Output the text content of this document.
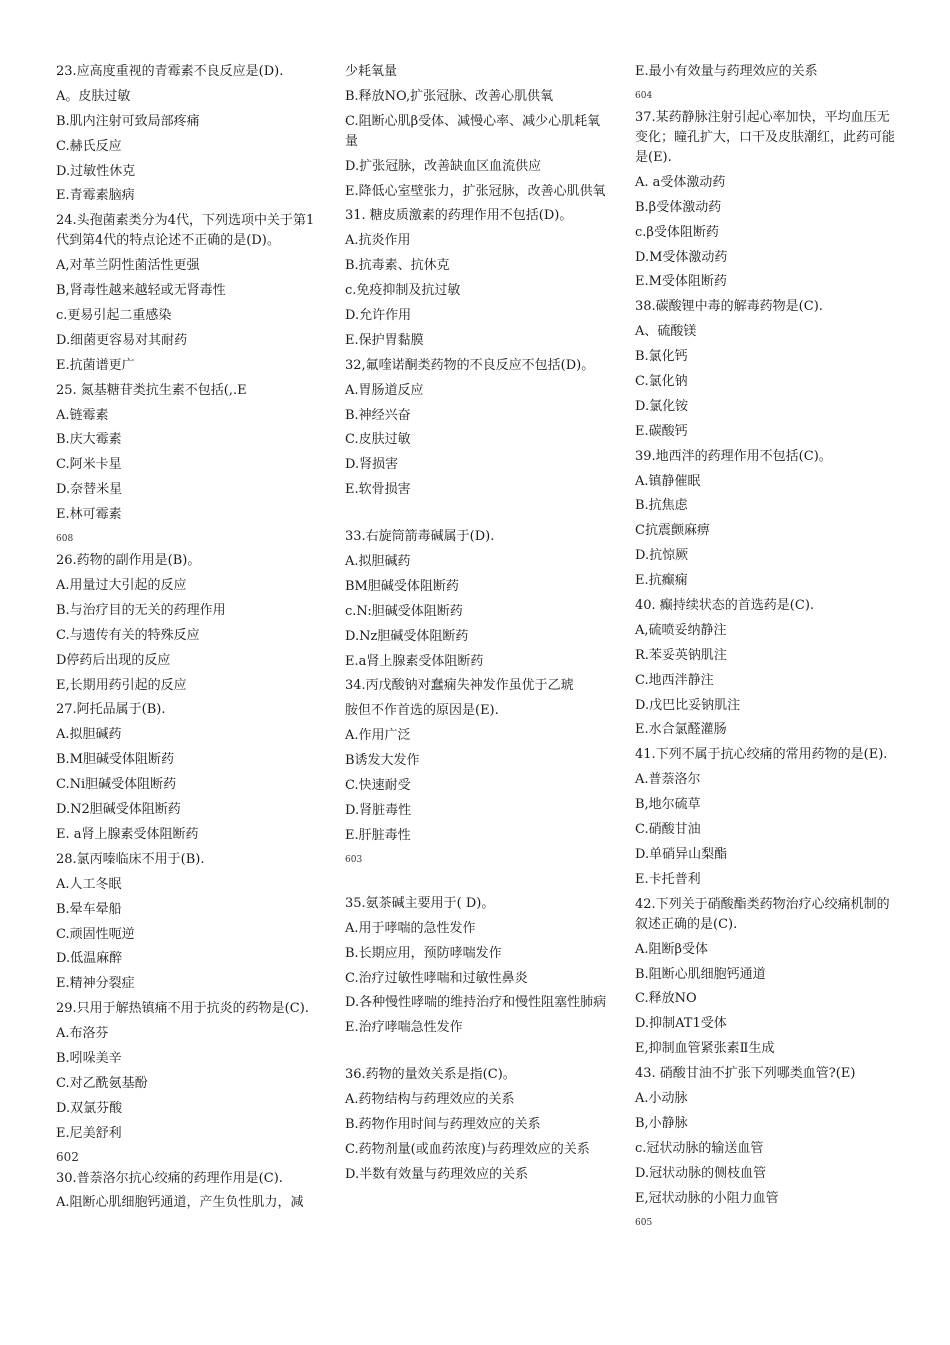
23.应高度重视的青霉素不良反应是(D).
A。皮肤过敏
B.肌内注射可致局部疼痛
C.赫氏反应
D.过敏性休克
E.青霉素脑病
24.头孢菌素类分为4代，下列选项中关于第1代到第4代的特点论述不正确的是(D)。
A,对革兰阴性菌活性更强
B,肾毒性越来越轻或无肾毒性
c.更易引起二重感染
D.细菌更容易对其耐药
E.抗菌谱更广
25. 氮基糖苷类抗生素不包括(,.E
A.链霉素
B.庆大霉素
C.阿米卡星
D.奈替米星
E.林可霉素
608
26.药物的副作用是(B)。
A.用量过大引起的反应
B.与治疗目的无关的药理作用
C.与遗传有关的特殊反应
D停药后出现的反应
E,长期用药引起的反应
27.阿托品属于(B).
A.拟胆碱药
B.M胆碱受体阻断药
C.Ni胆碱受体阻断药
D.N2胆碱受体阻断药
E. a肾上腺素受体阻断药
28.氯丙嗪临床不用于(B).
A.人工冬眠
B.晕车晕船
C.顽固性呃逆
D.低温麻醉
E.精神分裂症
29.只用于解热镇痛不用于抗炎的药物是(C).
A.布洛芬
B.吲哚美辛
C.对乙酰氨基酚
D.双氯芬酸
E.尼美舒利
602
30.普萘洛尔抗心绞痛的药理作用是(C).
A.阻断心肌细胞钙通道，产生负性肌力，减
少耗氧量
B.释放NO,扩张冠脉、改善心肌供氧
C.阻断心肌β受体、减慢心率、减少心肌耗氧量
D.扩张冠脉，改善缺血区血流供应
E.降低心室壁张力，扩张冠脉，改善心肌供氧
31. 糖皮质激素的药理作用不包括(D)。
A.抗炎作用
B.抗毒素、抗休克
c.免疫抑制及抗过敏
D.允许作用
E.保护胃黏膜
32,氟喹诺酮类药物的不良反应不包括(D)。
A.胃肠道反应
B.神经兴奋
C.皮肤过敏
D.肾损害
E.软骨损害
33.右旋筒箭毒碱属于(D).
A.拟胆碱药
BM胆碱受体阻断药
c.N:胆碱受体阻断药
D.Nz胆碱受体阻断药
E.a肾上腺素受体阻断药
34.丙戊酸钠对蠢痫失神发作虽优于乙琥
胺但不作首选的原因是(E).
A.作用广泛
B诱发大发作
C.快速耐受
D.肾脏毒性
E.肝脏毒性
603
35.氨茶碱主要用于( D)。
A.用于哮喘的急性发作
B.长期应用，预防哮喘发作
C.治疗过敏性哮喘和过敏性鼻炎
D.各种慢性哮喘的维持治疗和慢性阻塞性肺病
E.治疗哮喘急性发作
36.药物的量效关系是指(C)。
A.药物结构与药理效应的关系
B.药物作用时间与药理效应的关系
C.药物剂量(或血药浓度)与药理效应的关系
D.半数有效量与药理效应的关系
E.最小有效量与药理效应的关系
604
37.某药静脉注射引起心率加快，平均血压无变化；瞳孔扩大，口干及皮肤潮红，此药可能是(E).
A. a受体激动药
B.β受体激动药
c.β受体阻断药
D.M受体激动药
E.M受体阻断药
38.碳酸锂中毒的解毒药物是(C).
A、硫酸镁
B.氯化钙
C.氯化钠
D.氯化铵
E.碳酸钙
39.地西泮的药理作用不包括(C)。
A.镇静催眠
B.抗焦虑
C抗震颤麻痹
D.抗惊厥
E.抗癫痫
40. 癫持续状态的首选药是(C).
A,硫喷妥纳静注
R.苯妥英钠肌注
C.地西泮静注
D.戊巴比妥钠肌注
E.水合氯醛灌肠
41.下列不属于抗心绞痛的常用药物的是(E).
A.普萘洛尔
B,地尔硫草
C.硝酸甘油
D.单硝异山梨酯
E.卡托普利
42.下列关于硝酸酯类药物治疗心绞痛机制的叙述正确的是(C).
A.阻断β受体
B.阻断心肌细胞钙通道
C.释放NO
D.抑制AT1受体
E,抑制血管紧张素Ⅱ生成
43. 硝酸甘油不扩张下列哪类血管?(E)
A.小动脉
B,小静脉
c.冠状动脉的输送血管
D.冠状动脉的侧枝血管
E,冠状动脉的小阻力血管
605
